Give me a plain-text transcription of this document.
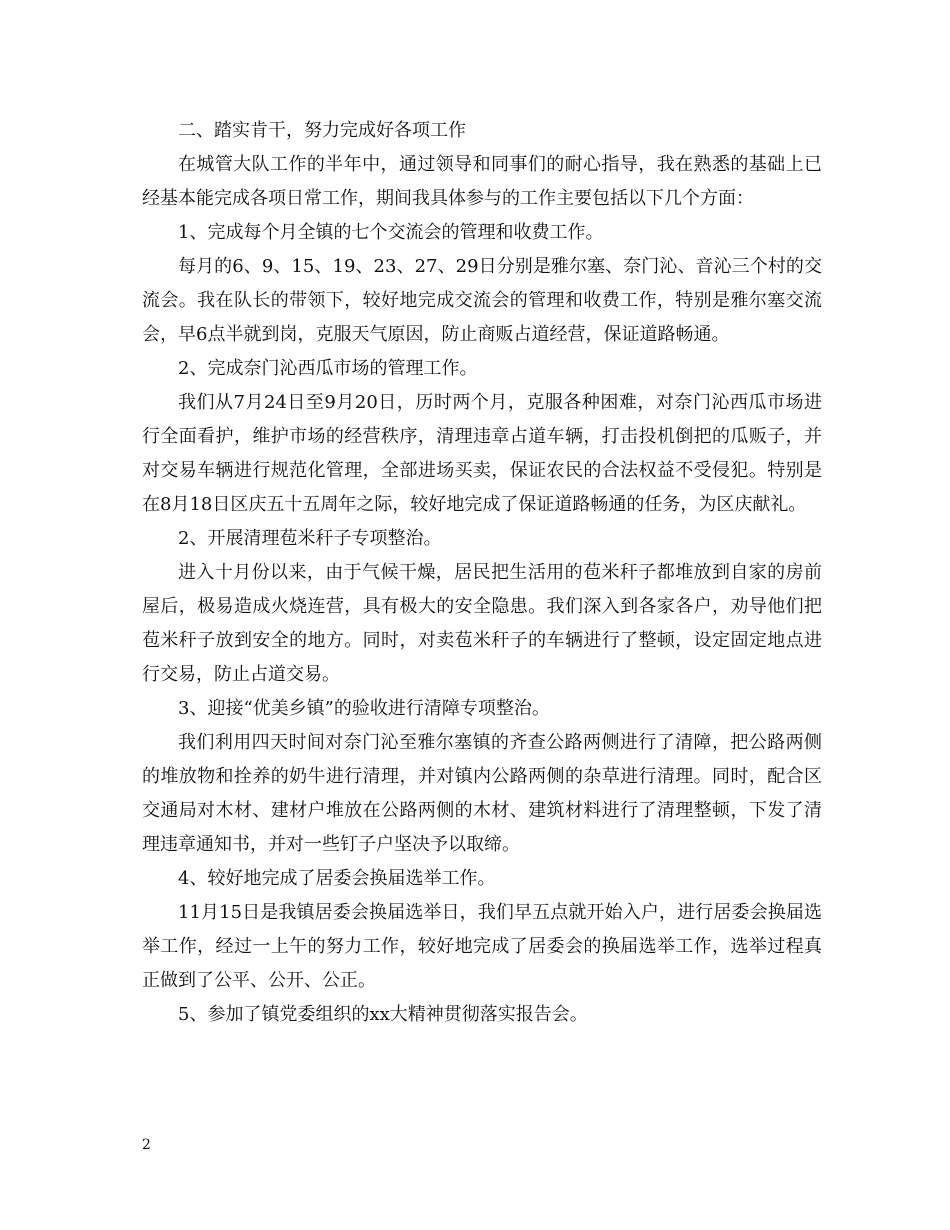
二、踏实肯干，努力完成好各项工作

在城管大队工作的半年中，通过领导和同事们的耐心指导，我在熟悉的基础上已经基本能完成各项日常工作，期间我具体参与的工作主要包括以下几个方面：

1、完成每个月全镇的七个交流会的管理和收费工作。

每月的6、9、15、19、23、27、29日分别是雅尔塞、奈门沁、音沁三个村的交流会。我在队长的带领下，较好地完成交流会的管理和收费工作，特别是雅尔塞交流会，早6点半就到岗，克服天气原因，防止商贩占道经营，保证道路畅通。

2、完成奈门沁西瓜市场的管理工作。

我们从7月24日至9月20日，历时两个月，克服各种困难，对奈门沁西瓜市场进行全面看护，维护市场的经营秩序，清理违章占道车辆，打击投机倒把的瓜贩子，并对交易车辆进行规范化管理，全部进场买卖，保证农民的合法权益不受侵犯。特别是在8月18日区庆五十五周年之际，较好地完成了保证道路畅通的任务，为区庆献礼。

2、开展清理苞米秆子专项整治。

进入十月份以来，由于气候干燥，居民把生活用的苞米秆子都堆放到自家的房前屋后，极易造成火烧连营，具有极大的安全隐患。我们深入到各家各户，劝导他们把苞米秆子放到安全的地方。同时，对卖苞米秆子的车辆进行了整顿，设定固定地点进行交易，防止占道交易。

3、迎接“优美乡镇”的验收进行清障专项整治。

我们利用四天时间对奈门沁至雅尔塞镇的齐查公路两侧进行了清障，把公路两侧的堆放物和拴养的奶牛进行清理，并对镇内公路两侧的杂草进行清理。同时，配合区交通局对木材、建材户堆放在公路两侧的木材、建筑材料进行了清理整顿，下发了清理违章通知书，并对一些钉子户坚决予以取缔。

4、较好地完成了居委会换届选举工作。

11月15日是我镇居委会换届选举日，我们早五点就开始入户，进行居委会换届选举工作，经过一上午的努力工作，较好地完成了居委会的换届选举工作，选举过程真正做到了公平、公开、公正。

5、参加了镇党委组织的xx大精神贯彻落实报告会。

2
